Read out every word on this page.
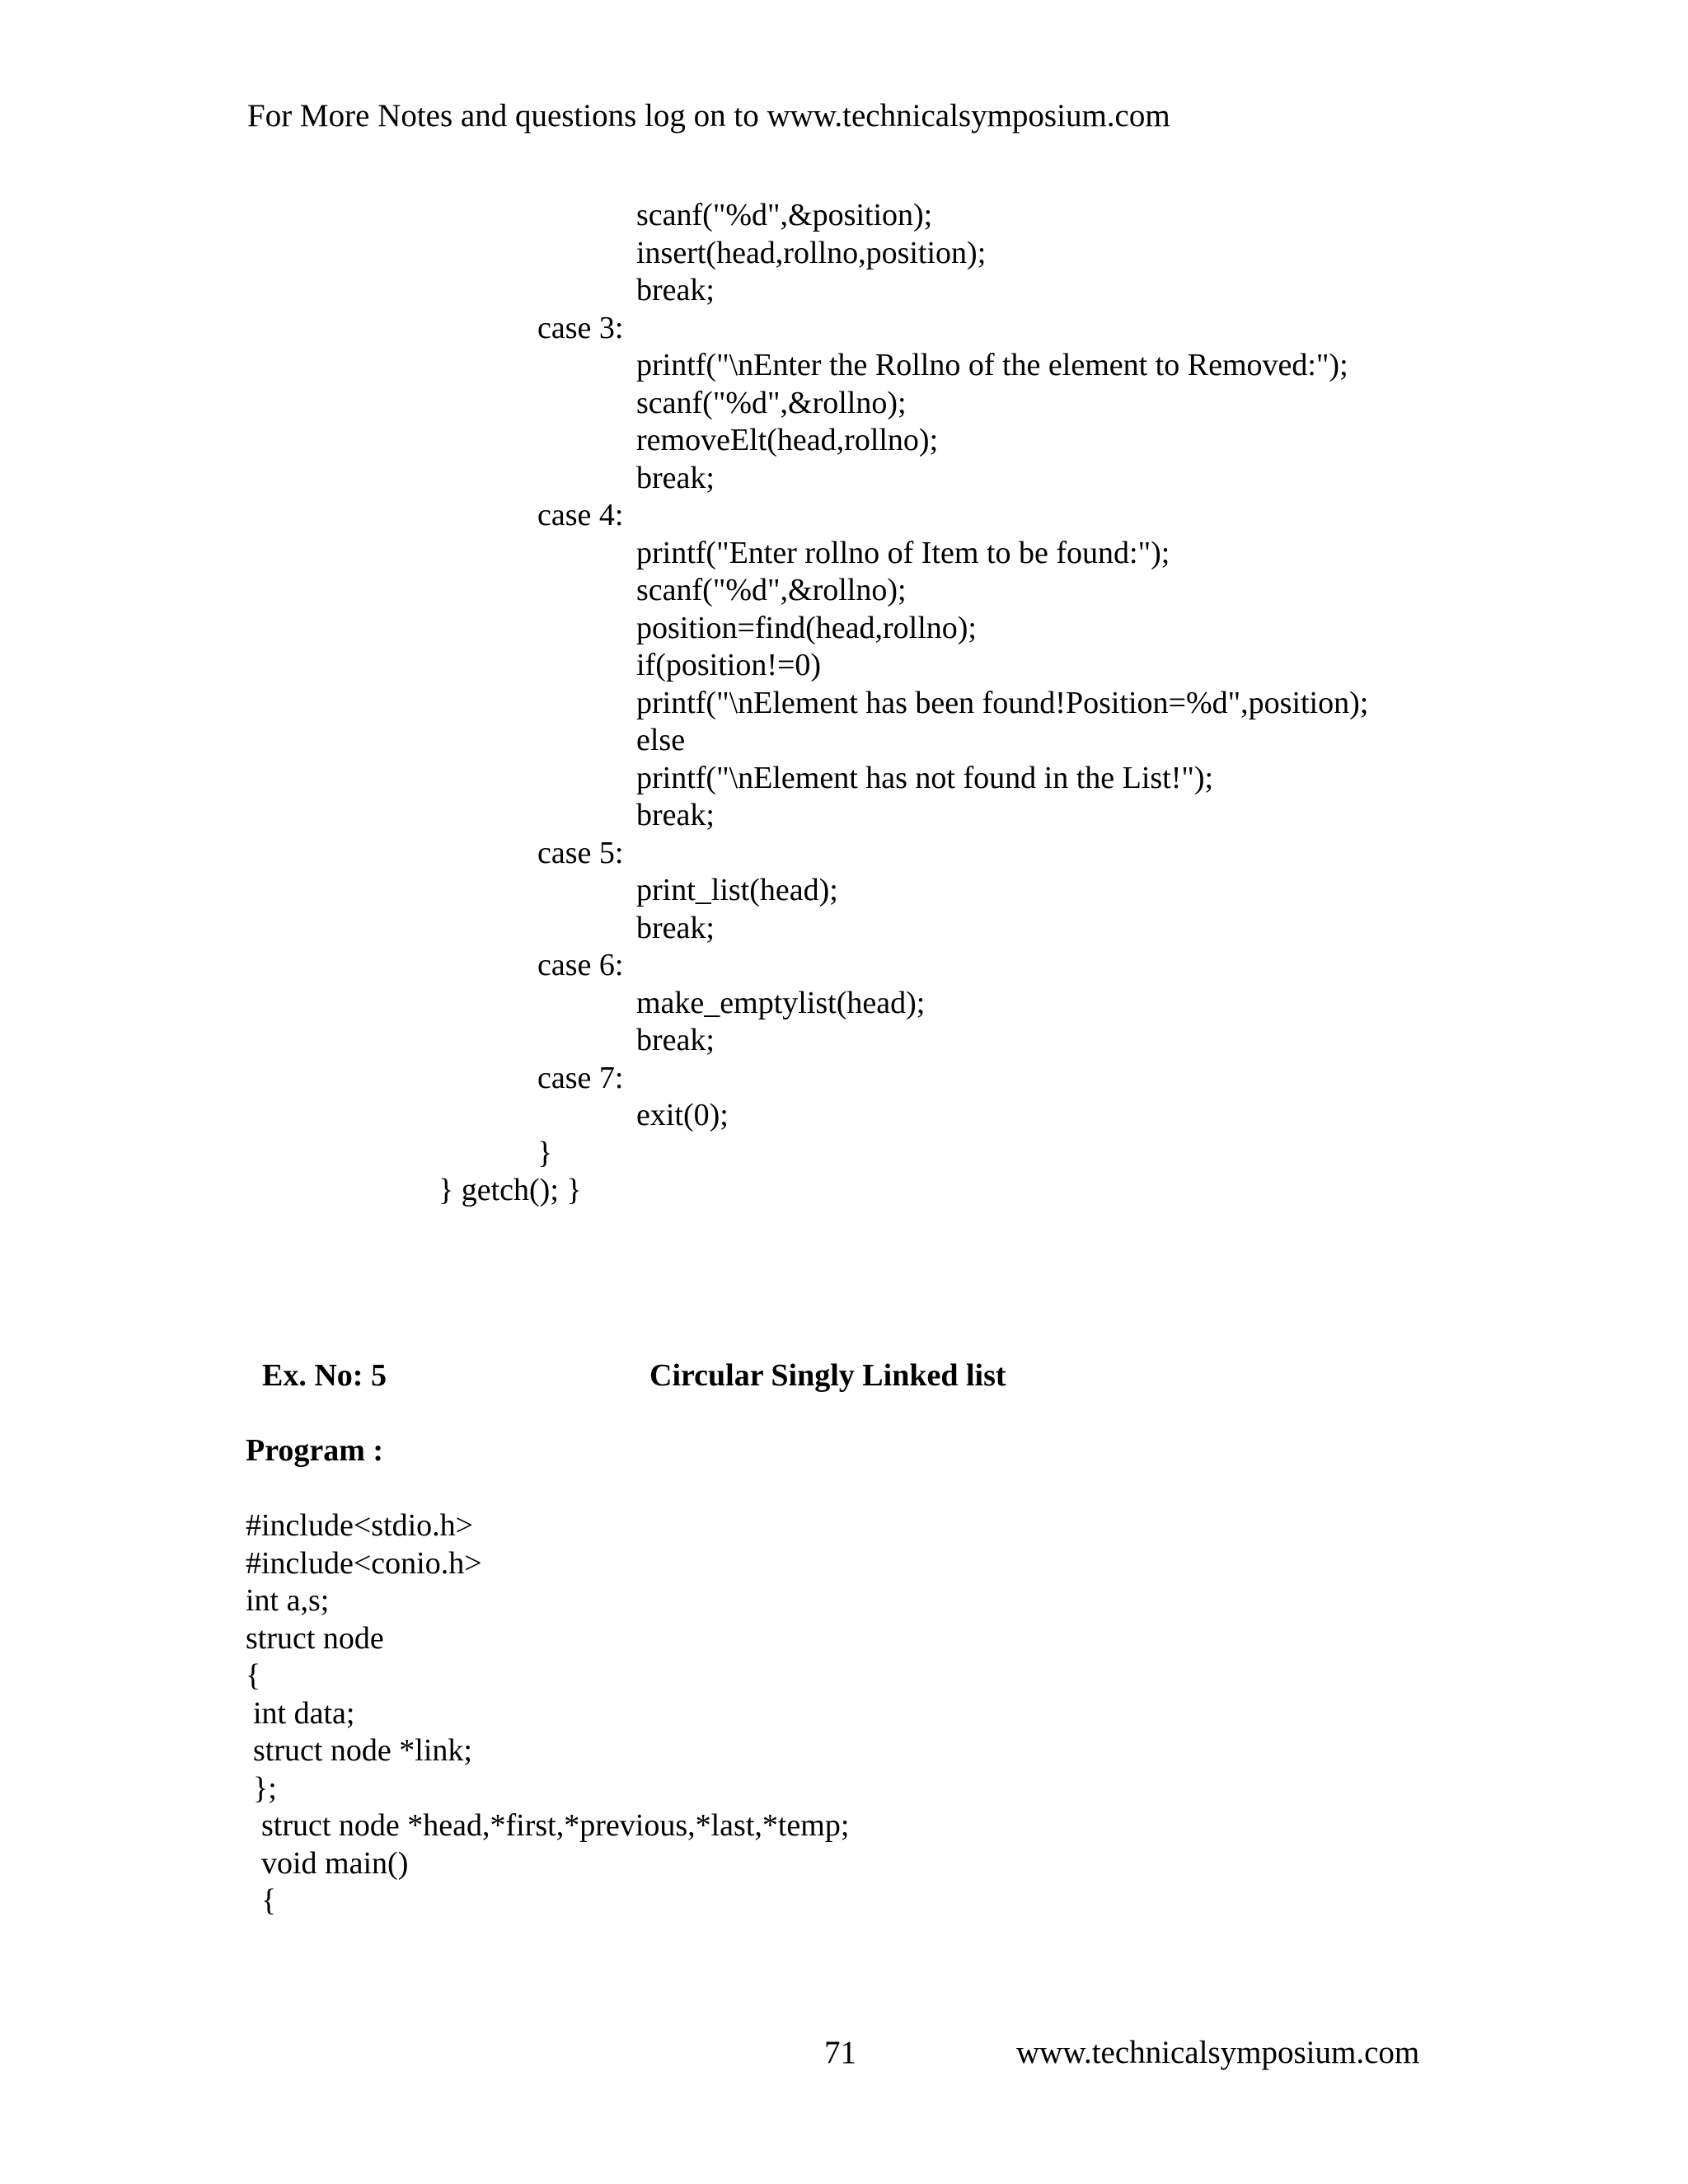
For More Notes and questions log on to www.technicalsymposium.com
scanf("%d",&position);
insert(head,rollno,position);
break;
case 3:
printf("\nEnter the Rollno of the element to Removed:");
scanf("%d",&rollno);
removeElt(head,rollno);
break;
case 4:
printf("Enter rollno of Item to be found:");
scanf("%d",&rollno);
position=find(head,rollno);
if(position!=0)
printf("\nElement has been found!Position=%d",position);
else
printf("\nElement has not found in the List!");
break;
case 5:
print_list(head);
break;
case 6:
make_emptylist(head);
break;
case 7:
exit(0);
}
} getch(); }
Ex. No: 5	Circular Singly Linked list
Program :
#include<stdio.h>
#include<conio.h>
int a,s;
struct node
{
int data;
struct node *link;
};
struct node *head,*first,*previous,*last,*temp;
void main()
{
71	www.technicalsymposium.com
